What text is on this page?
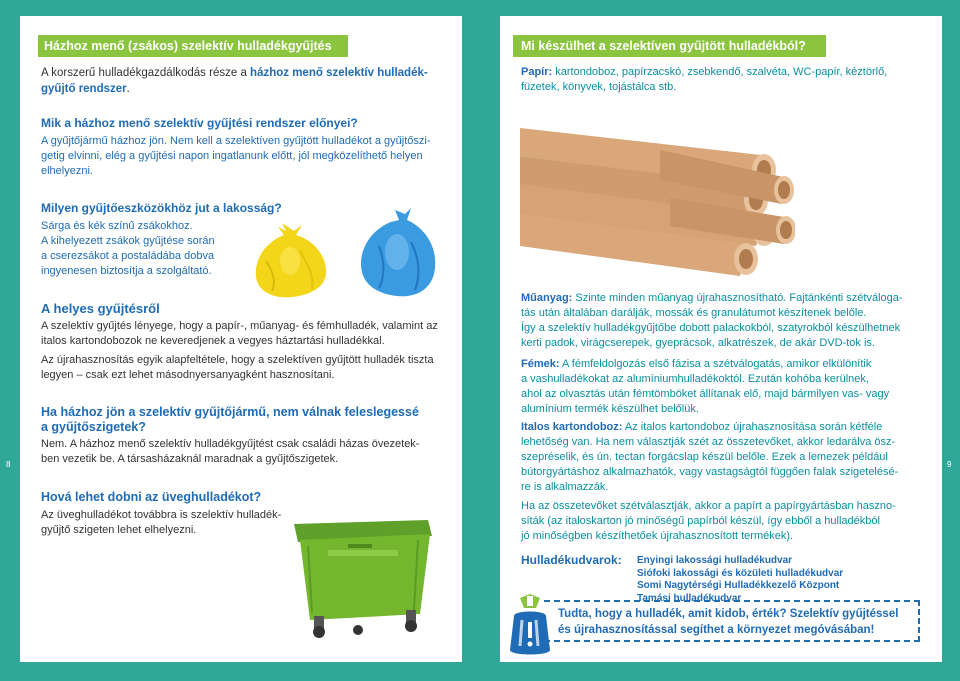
Házhoz menő (zsákos) szelektív hulladékgyűjtés
A korszerű hulladékgazdálkodás része a házhoz menő szelektív hulladék-
gyűjtő rendszer.
Mik a házhoz menő szelektív gyűjtési rendszer előnyei?
A gyűjtőjármű házhoz jön. Nem kell a szelektíven gyűjtött hulladékot a gyűjtőszi-
getig elvinni, elég a gyűjtési napon ingatlanunk előtt, jól megközelíthető helyen
elhelyezni.
Milyen gyűjtőeszközökhöz jut a lakosság?
Sárga és kék színű zsákokhoz.
A kihelyezett zsákok gyűjtése során
a cserezsákot a postaládába dobva
ingyenesen biztosítja a szolgáltató.
A helyes gyűjtésről
A szelektív gyűjtés lényege, hogy a papír-, műanyag- és fémhulladék, valamint az
italos kartondobozok ne keveredjenek a vegyes háztartási hulladékkal.
Az újrahasznosítás egyik alapfeltétele, hogy a szelektíven gyűjtött hulladék tiszta
legyen – csak ezt lehet másodnyersanyagként hasznosítani.
Ha házhoz jön a szelektív gyűjtőjármű, nem válnak feleslegessé
a gyűjtőszigetek?
Nem. A házhoz menő szelektív hulladékgyűjtést csak családi házas övezetek-
ben vezetik be. A társasházaknál maradnak a gyűjtőszigetek.
Hová lehet dobni az üveghulladékot?
Az üveghulladékot továbbra is szelektív hulladék-
gyűjtő szigeten lehet elhelyezni.
8
Mi készülhet a szelektíven gyűjtött hulladékból?
Papír: kartondoboz, papírzacskó, zsebkendő, szalvéta, WC-papír, kéztörlő,
füzetek, könyvek, tojástálca stb.
Műanyag: Szinte minden műanyag újrahasznosítható. Fajtánkénti szétváloga-
tás után általában darálják, mossák és granulátumot készítenek belőle.
Így a szelektív hulladékgyűjtőbe dobott palackokból, szatyrokból készülhetnek
kerti padok, virágcserepek, gyeprácsok, alkatrészek, de akár DVD-tok is.
Fémek: A fémfeldolgozás első fázisa a szétválogatás, amikor elkülönítik
a vashulladékokat az alumíniumhulladékoktól. Ezután kohóba kerülnek,
ahol az olvasztás után fémtömböket állítanak elő, majd bármilyen vas- vagy
alumínium termék készülhet belőlük.
Italos kartondoboz: Az italos kartondoboz újrahasznosítása során kétféle
lehetőség van. Ha nem választják szét az összetevőket, akkor ledarálva ösz-
szepréselik, és ún. tectan forgácslap készül belőle. Ezek a lemezek például
bútorgyártáshoz alkalmazhatók, vagy vastagságtól függően falak szigetelésé-
re is alkalmazzák.
Ha az összetevőket szétválasztják, akkor a papírt a papírgyártásban haszno-
síták (az italoskarton jó minőségű papírból készül, így ebből a hulladékból
jó minőségben készíthetőek újrahasznosított termékek).
Hulladékudvarok: Enyingi lakossági hulladékudvar
Siófoki lakossági és közületi hulladékudvar
Somi Nagytérségi Hulladékkezelő Központ
Tamási hulladékudvar
Tudta, hogy a hulladék, amit kidob, érték? Szelektív gyűjtéssel
és újrahasznosítással segíthet a környezet megóvásában!
9
